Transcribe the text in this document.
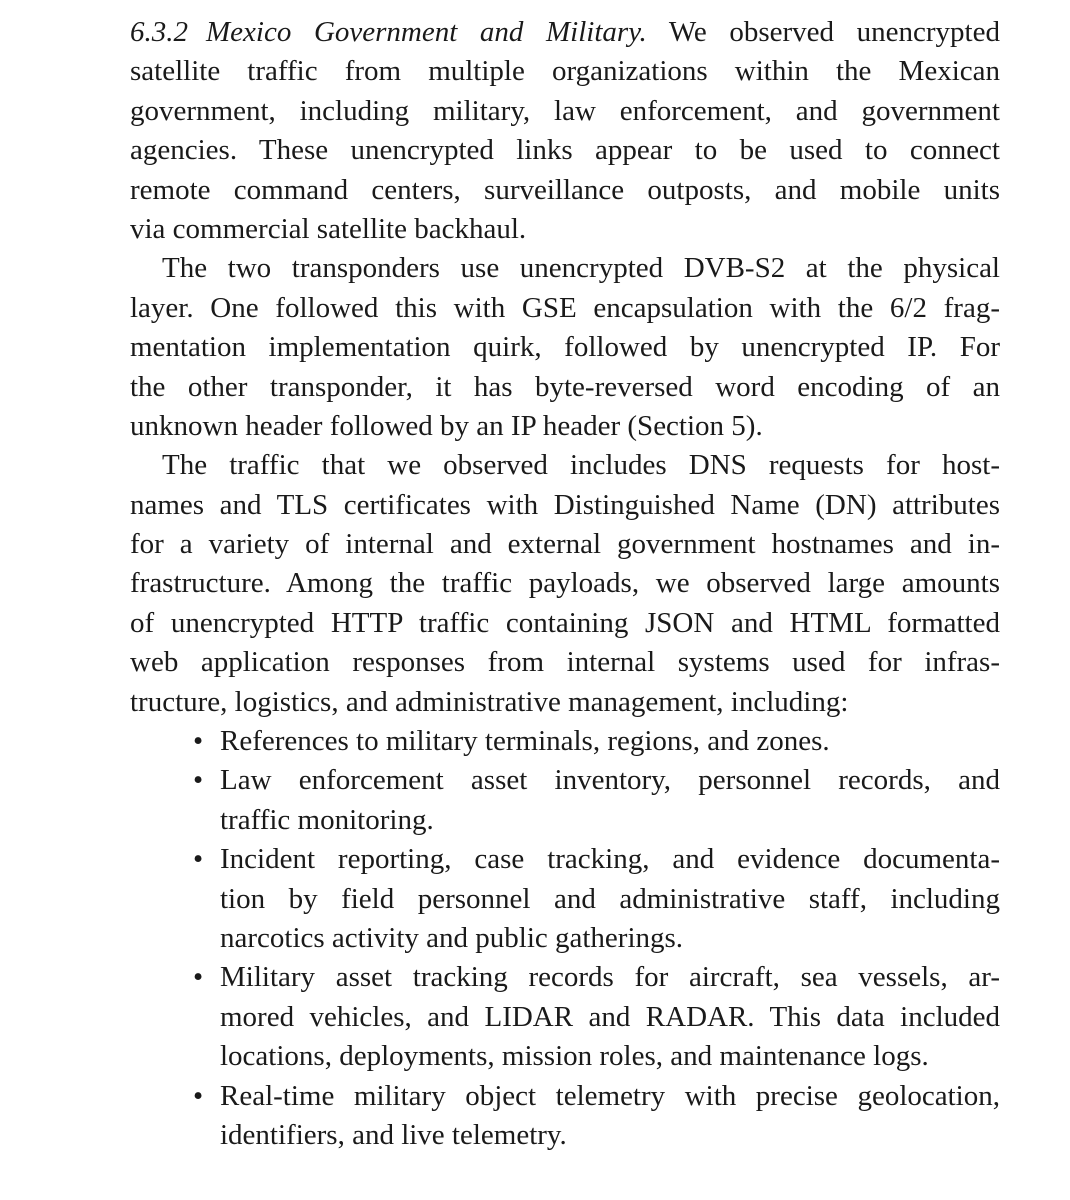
6.3.2 Mexico Government and Military. We observed unencrypted
satellite traffic from multiple organizations within the Mexican
government, including military, law enforcement, and government
agencies. These unencrypted links appear to be used to connect
remote command centers, surveillance outposts, and mobile units
via commercial satellite backhaul.
The two transponders use unencrypted DVB-S2 at the physical
layer. One followed this with GSE encapsulation with the 6/2 frag-
mentation implementation quirk, followed by unencrypted IP. For
the other transponder, it has byte-reversed word encoding of an
unknown header followed by an IP header (Section 5).
The traffic that we observed includes DNS requests for host-
names and TLS certificates with Distinguished Name (DN) attributes
for a variety of internal and external government hostnames and in-
frastructure. Among the traffic payloads, we observed large amounts
of unencrypted HTTP traffic containing JSON and HTML formatted
web application responses from internal systems used for infras-
tructure, logistics, and administrative management, including:
• References to military terminals, regions, and zones.
• Law enforcement asset inventory, personnel records, and
traffic monitoring.
• Incident reporting, case tracking, and evidence documenta-
tion by field personnel and administrative staff, including
narcotics activity and public gatherings.
• Military asset tracking records for aircraft, sea vessels, ar-
mored vehicles, and LIDAR and RADAR. This data included
locations, deployments, mission roles, and maintenance logs.
• Real-time military object telemetry with precise geolocation,
identifiers, and live telemetry.
